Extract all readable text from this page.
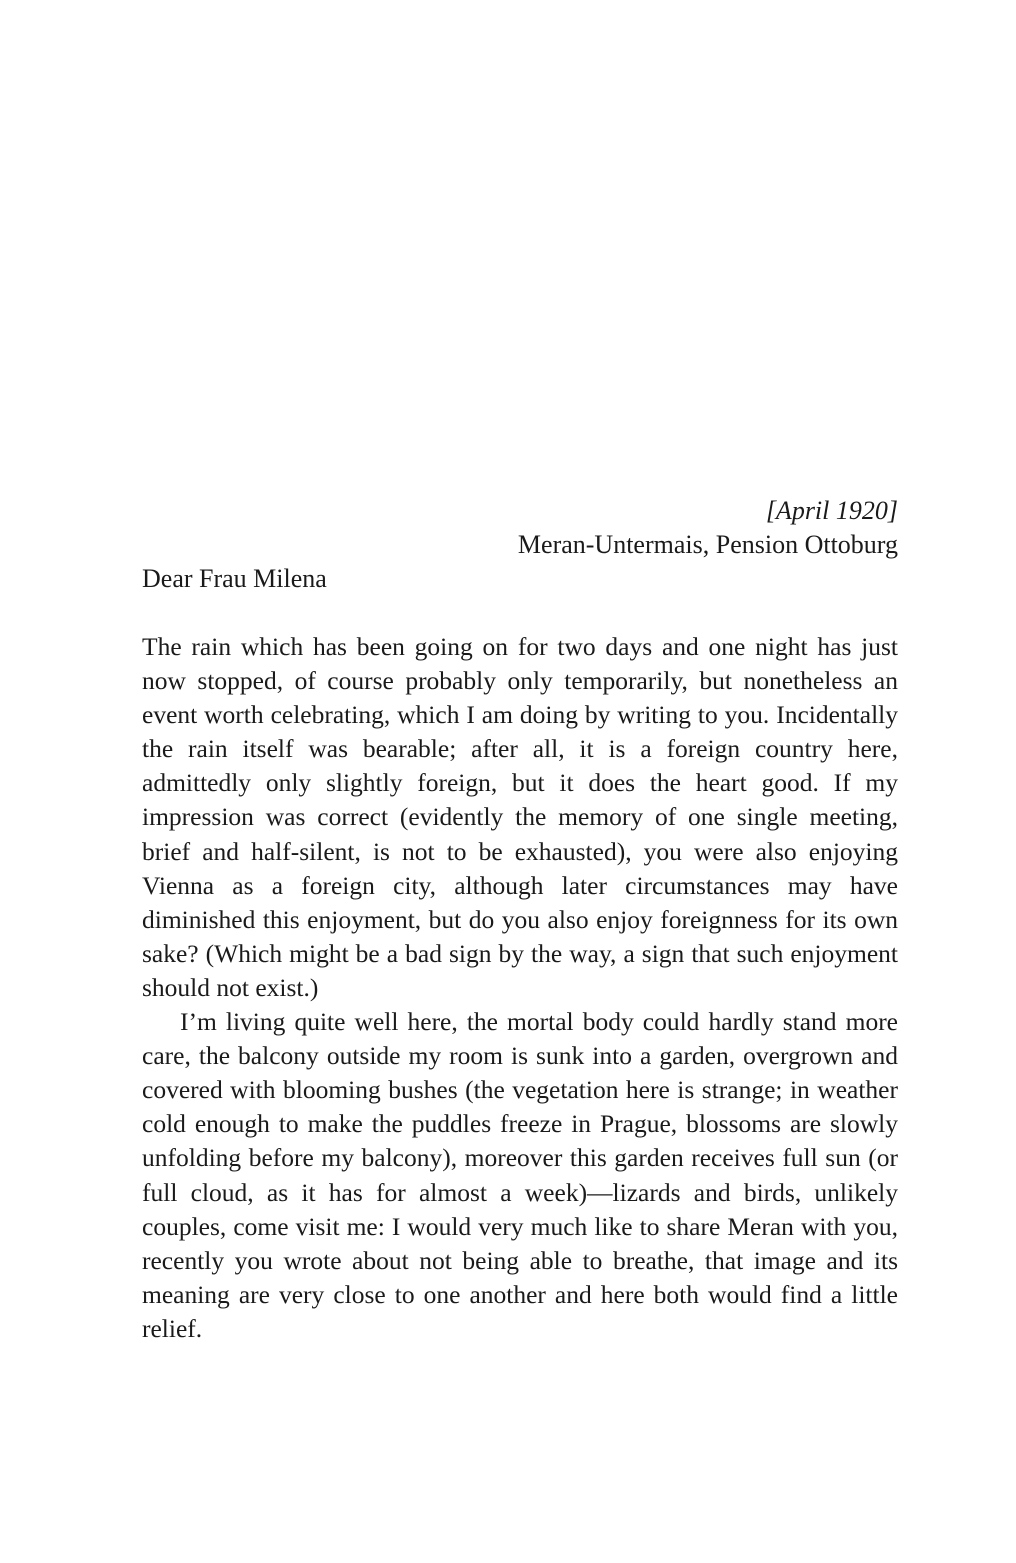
[April 1920]

Meran-Untermais, Pension Ottoburg

Dear Frau Milena

The rain which has been going on for two days and one night has just now stopped, of course probably only temporarily, but nonetheless an event worth celebrating, which I am doing by writing to you. Incidentally the rain itself was bearable; after all, it is a foreign country here, admittedly only slightly foreign, but it does the heart good. If my impression was correct (evidently the memory of one single meeting, brief and half-silent, is not to be exhausted), you were also enjoying Vienna as a foreign city, although later circumstances may have diminished this enjoyment, but do you also enjoy foreignness for its own sake? (Which might be a bad sign by the way, a sign that such enjoyment should not exist.)

I’m living quite well here, the mortal body could hardly stand more care, the balcony outside my room is sunk into a garden, overgrown and covered with blooming bushes (the vegetation here is strange; in weather cold enough to make the puddles freeze in Prague, blossoms are slowly unfolding before my balcony), moreover this garden receives full sun (or full cloud, as it has for almost a week)—lizards and birds, unlikely couples, come visit me: I would very much like to share Meran with you, recently you wrote about not being able to breathe, that image and its meaning are very close to one another and here both would find a little relief.
